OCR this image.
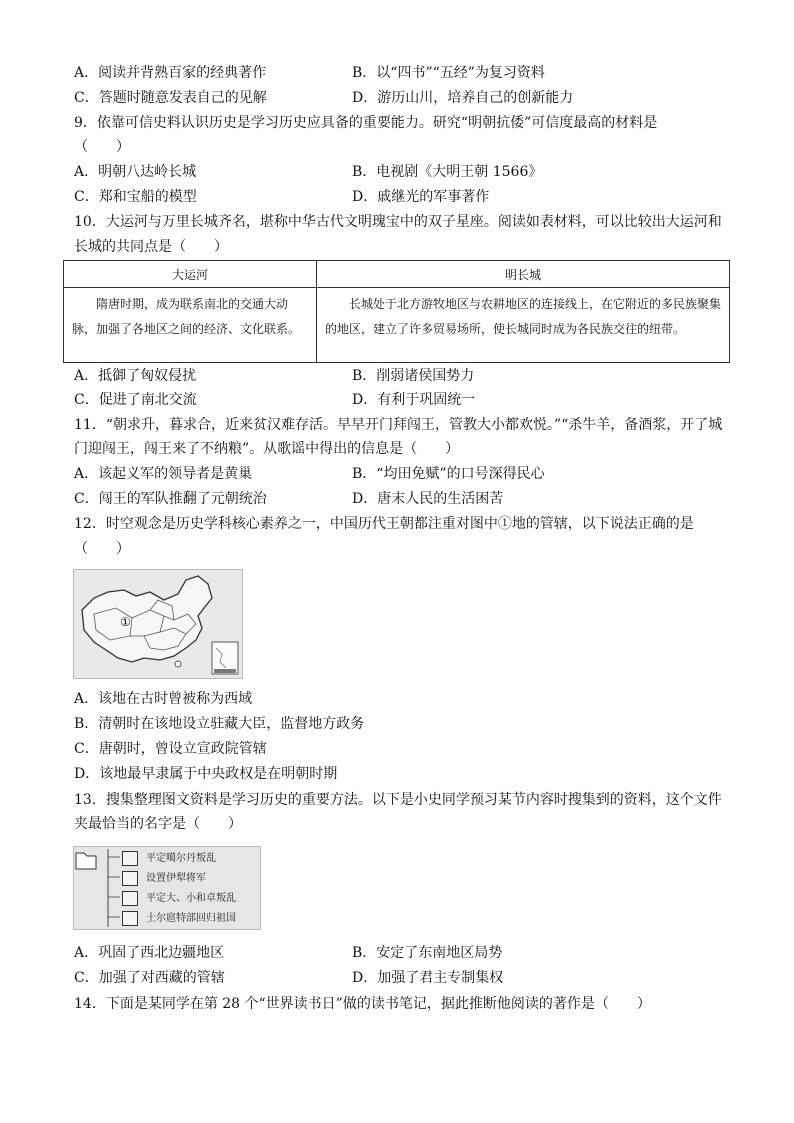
A．阅读并背熟百家的经典著作	B．以“四书”“五经”为复习资料
C．答题时随意发表自己的见解	D．游历山川，培养自己的创新能力
9．依靠可信史料认识历史是学习历史应具备的重要能力。研究“明朝抗倭”可信度最高的材料是
（　　）
A．明朝八达岭长城	B．电视剧《大明王朝 1566》
C．郑和宝船的模型	D．戚继光的军事著作
10．大运河与万里长城齐名，堪称中华古代文明瑰宝中的双子星座。阅读如表材料，可以比较出大运河和
长城的共同点是（　　）
大运河	明长城
隋唐时期，成为联系南北的交通大动脉，加强了各地区之间的经济、文化联系。	长城处于北方游牧地区与农耕地区的连接线上，在它附近的多民族聚集的地区，建立了许多贸易场所，使长城同时成为各民族交往的纽带。
A．抵御了匈奴侵扰	B．削弱诸侯国势力
C．促进了南北交流	D．有利于巩固统一
11．“朝求升，暮求合，近来贫汉难存活。早早开门拜闯王，管教大小都欢悦。”“杀牛羊，备酒浆，开了城
门迎闯王，闯王来了不纳粮”。从歌谣中得出的信息是（　　）
A．该起义军的领导者是黄巢	B．“均田免赋”的口号深得民心
C．闯王的军队推翻了元朝统治	D．唐末人民的生活困苦
12．时空观念是历史学科核心素养之一，中国历代王朝都注重对图中①地的管辖，以下说法正确的是
（　　）
①
A．该地在古时曾被称为西域
B．清朝时在该地设立驻藏大臣，监督地方政务
C．唐朝时，曾设立宣政院管辖
D．该地最早隶属于中央政权是在明朝时期
13．搜集整理图文资料是学习历史的重要方法。以下是小史同学预习某节内容时搜集到的资料，这个文件
夹最恰当的名字是（　　）
平定噶尔丹叛乱
设置伊犁将军
平定大、小和卓叛乱
土尔扈特部回归祖国
A．巩固了西北边疆地区	B．安定了东南地区局势
C．加强了对西藏的管辖	D．加强了君主专制集权
14．下面是某同学在第 28 个“世界读书日”做的读书笔记，据此推断他阅读的著作是（　　）
